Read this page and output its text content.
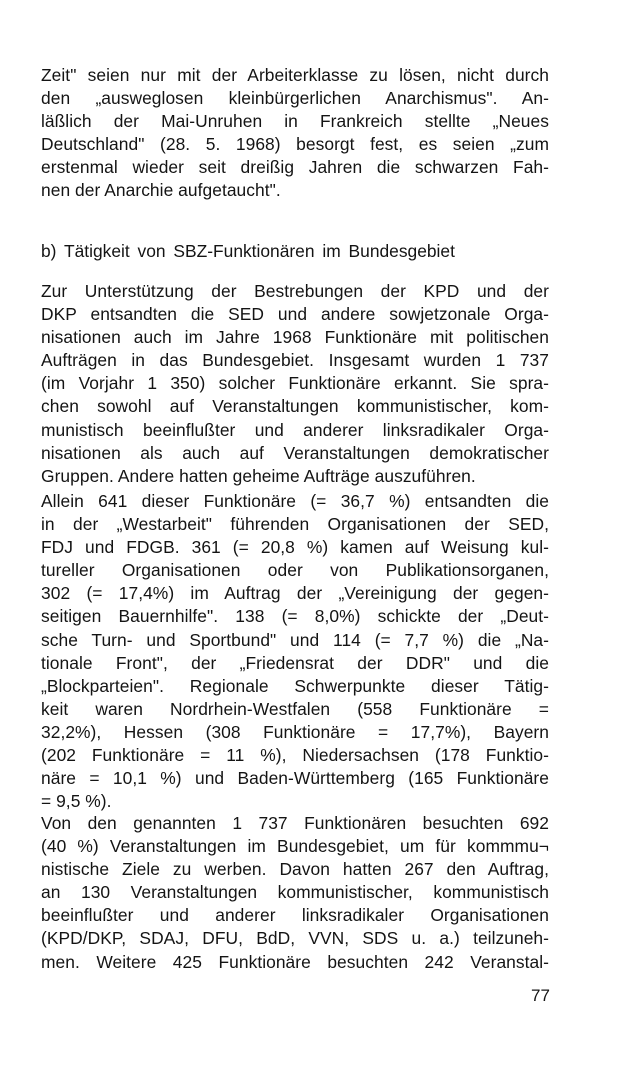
Zeit" seien nur mit der Arbeiterklasse zu lösen, nicht durch
den „ausweglosen kleinbürgerlichen Anarchismus". An-
läßlich der Mai-Unruhen in Frankreich stellte „Neues
Deutschland" (28. 5. 1968) besorgt fest, es seien „zum
erstenmal wieder seit dreißig Jahren die schwarzen Fah-
nen der Anarchie aufgetaucht".

b) Tätigkeit von SBZ-Funktionären im Bundesgebiet

Zur Unterstützung der Bestrebungen der KPD und der
DKP entsandten die SED und andere sowjetzonale Orga-
nisationen auch im Jahre 1968 Funktionäre mit politischen
Aufträgen in das Bundesgebiet. Insgesamt wurden 1 737
(im Vorjahr 1 350) solcher Funktionäre erkannt. Sie spra-
chen sowohl auf Veranstaltungen kommunistischer, kom-
munistisch beeinflußter und anderer linksradikaler Orga-
nisationen als auch auf Veranstaltungen demokratischer
Gruppen. Andere hatten geheime Aufträge auszuführen.

Allein 641 dieser Funktionäre (= 36,7 %) entsandten die
in der „Westarbeit" führenden Organisationen der SED,
FDJ und FDGB. 361 (= 20,8 %) kamen auf Weisung kul-
tureller Organisationen oder von Publikationsorganen,
302 (= 17,4%) im Auftrag der „Vereinigung der gegen-
seitigen Bauernhilfe". 138 (= 8,0%) schickte der „Deut-
sche Turn- und Sportbund" und 114 (= 7,7 %) die „Na-
tionale Front", der „Friedensrat der DDR" und die
„Blockparteien". Regionale Schwerpunkte dieser Tätig-
keit waren Nordrhein-Westfalen (558 Funktionäre =
32,2%), Hessen (308 Funktionäre = 17,7%), Bayern
(202 Funktionäre = 11 %), Niedersachsen (178 Funktio-
näre = 10,1 %) und Baden-Württemberg (165 Funktionäre
= 9,5 %).

Von den genannten 1 737 Funktionären besuchten 692
(40 %) Veranstaltungen im Bundesgebiet, um für kommmu¬
nistische Ziele zu werben. Davon hatten 267 den Auftrag,
an 130 Veranstaltungen kommunistischer, kommunistisch
beeinflußter und anderer linksradikaler Organisationen
(KPD/DKP, SDAJ, DFU, BdD, VVN, SDS u. a.) teilzuneh-
men. Weitere 425 Funktionäre besuchten 242 Veranstal-

77
